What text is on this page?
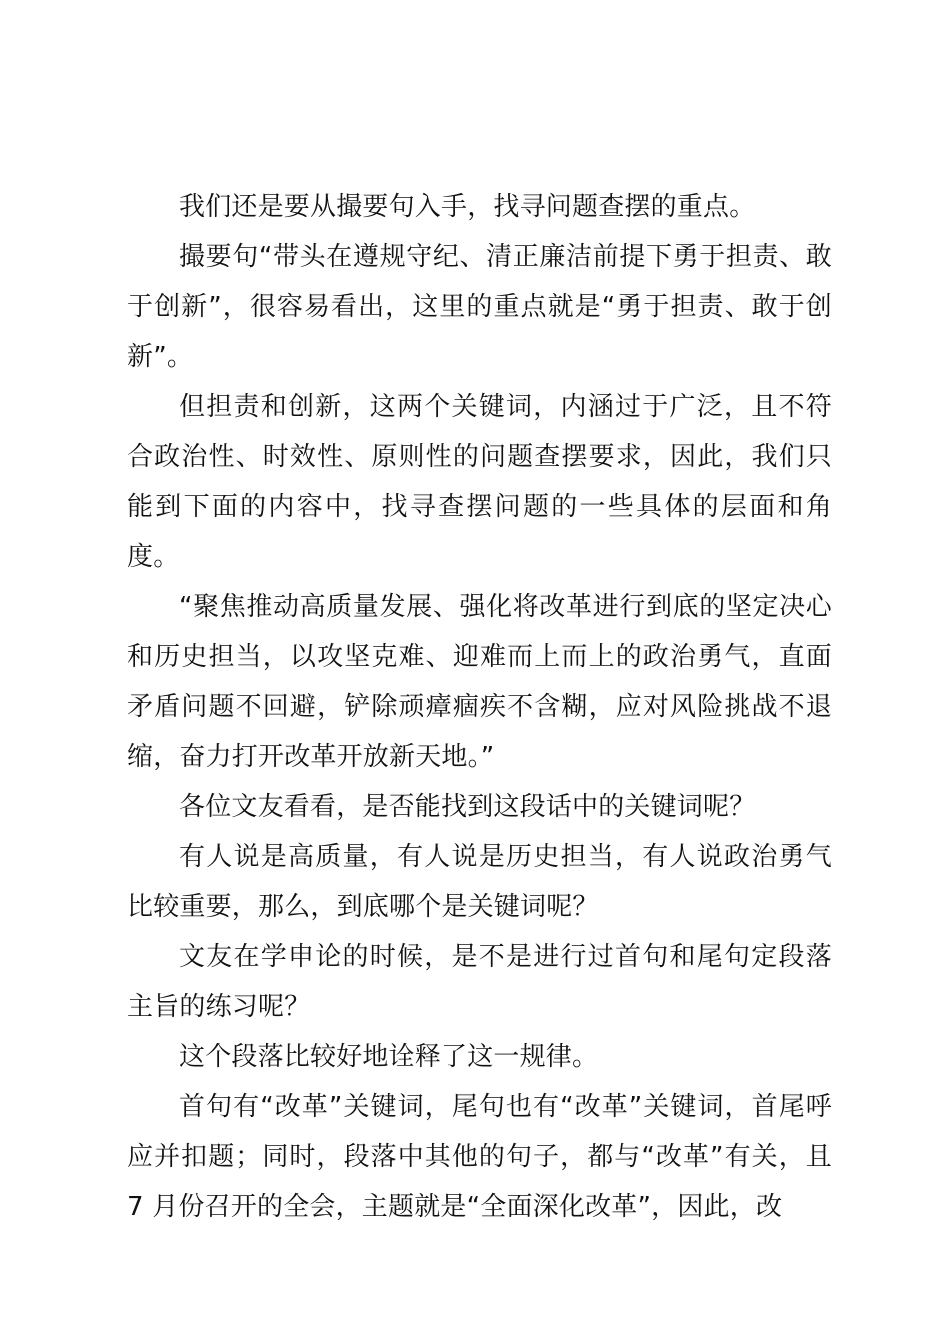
我们还是要从撮要句入手，找寻问题查摆的重点。

撮要句“带头在遵规守纪、清正廉洁前提下勇于担责、敢于创新”，很容易看出，这里的重点就是“勇于担责、敢于创新”。

但担责和创新，这两个关键词，内涵过于广泛，且不符合政治性、时效性、原则性的问题查摆要求，因此，我们只能到下面的内容中，找寻查摆问题的一些具体的层面和角度。

“聚焦推动高质量发展、强化将改革进行到底的坚定决心和历史担当，以攻坚克难、迎难而上而上的政治勇气，直面矛盾问题不回避，铲除顽瘴痼疾不含糊，应对风险挑战不退缩，奋力打开改革开放新天地。”

各位文友看看，是否能找到这段话中的关键词呢？

有人说是高质量，有人说是历史担当，有人说政治勇气比较重要，那么，到底哪个是关键词呢？

文友在学申论的时候，是不是进行过首句和尾句定段落主旨的练习呢？

这个段落比较好地诠释了这一规律。

首句有“改革”关键词，尾句也有“改革”关键词，首尾呼应并扣题；同时，段落中其他的句子，都与“改革”有关，且 7 月份召开的全会，主题就是“全面深化改革”，因此，改
